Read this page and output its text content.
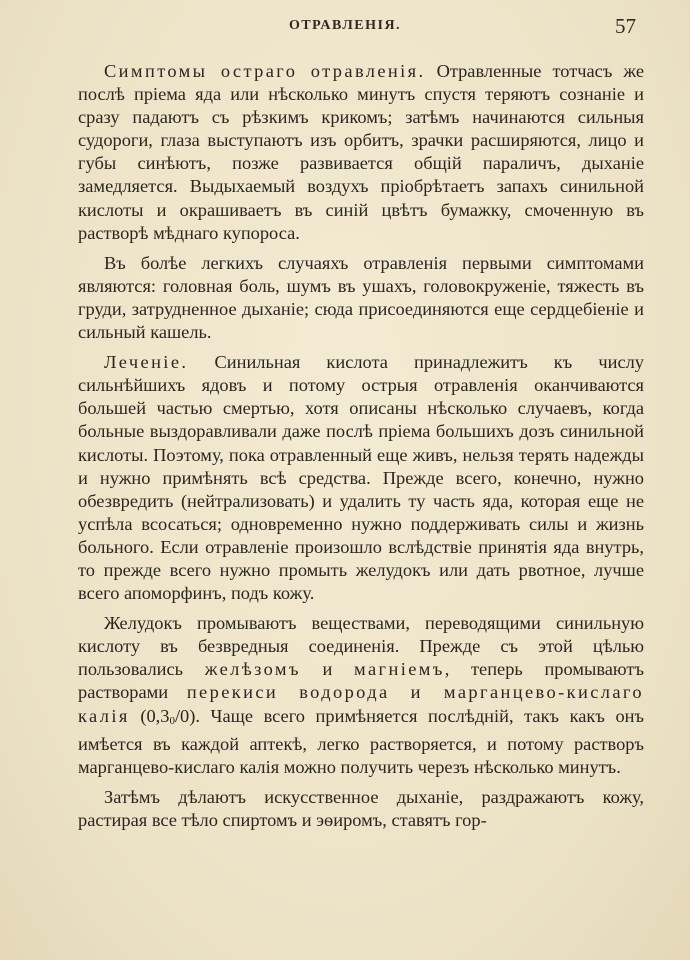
ОТРАВЛЕНІЯ.	57

Симптомы остраго отравленія. Отравленные тотчасъ же послѣ пріема яда или нѣсколько минутъ спустя теряютъ сознаніе и сразу падаютъ съ рѣзкимъ крикомъ; затѣмъ начинаются сильныя судороги, глаза выступаютъ изъ орбитъ, зрачки расширяются, лицо и губы синѣютъ, позже развивается общій параличъ, дыханіе замедляется. Выдыхаемый воздухъ пріобрѣтаетъ запахъ синильной кислоты и окрашиваетъ въ синій цвѣтъ бумажку, смоченную въ растворѣ мѣднаго купороса.

Въ болѣе легкихъ случаяхъ отравленія первыми симптомами являются: головная боль, шумъ въ ушахъ, головокруженіе, тяжесть въ груди, затрудненное дыханіе; сюда присоединяются еще сердцебіеніе и сильный кашель.

Леченіе. Синильная кислота принадлежитъ къ числу сильнѣйшихъ ядовъ и потому острыя отравленія оканчиваются большей частью смертью, хотя описаны нѣсколько случаевъ, когда больные выздоравливали даже послѣ пріема большихъ дозъ синильной кислоты. Поэтому, пока отравленный еще живъ, нельзя терять надежды и нужно примѣнять всѣ средства. Прежде всего, конечно, нужно обезвредить (нейтрализовать) и удалить ту часть яда, которая еще не успѣла всосаться; одновременно нужно поддерживать силы и жизнь больного. Если отравленіе произошло вслѣдствіе принятія яда внутрь, то прежде всего нужно промыть желудокъ или дать рвотное, лучше всего апоморфинъ, подъ кожу.

Желудокъ промываютъ веществами, переводящими синильную кислоту въ безвредныя соединенія. Прежде съ этой цѣлью пользовались желѣзомъ и магніемъ, теперь промываютъ растворами перекиси водорода и марганцево-кислаго калія $(0,3_0/0)$. Чаще всего примѣняется послѣдній, такъ какъ онъ имѣется въ каждой аптекѣ, легко растворяется, и потому растворъ марганцево-кислаго калія можно получить черезъ нѣсколько минутъ.

Затѣмъ дѣлаютъ искусственное дыханіе, раздражаютъ кожу, растирая все тѣло спиртомъ и эѳиромъ, ставятъ гор-
